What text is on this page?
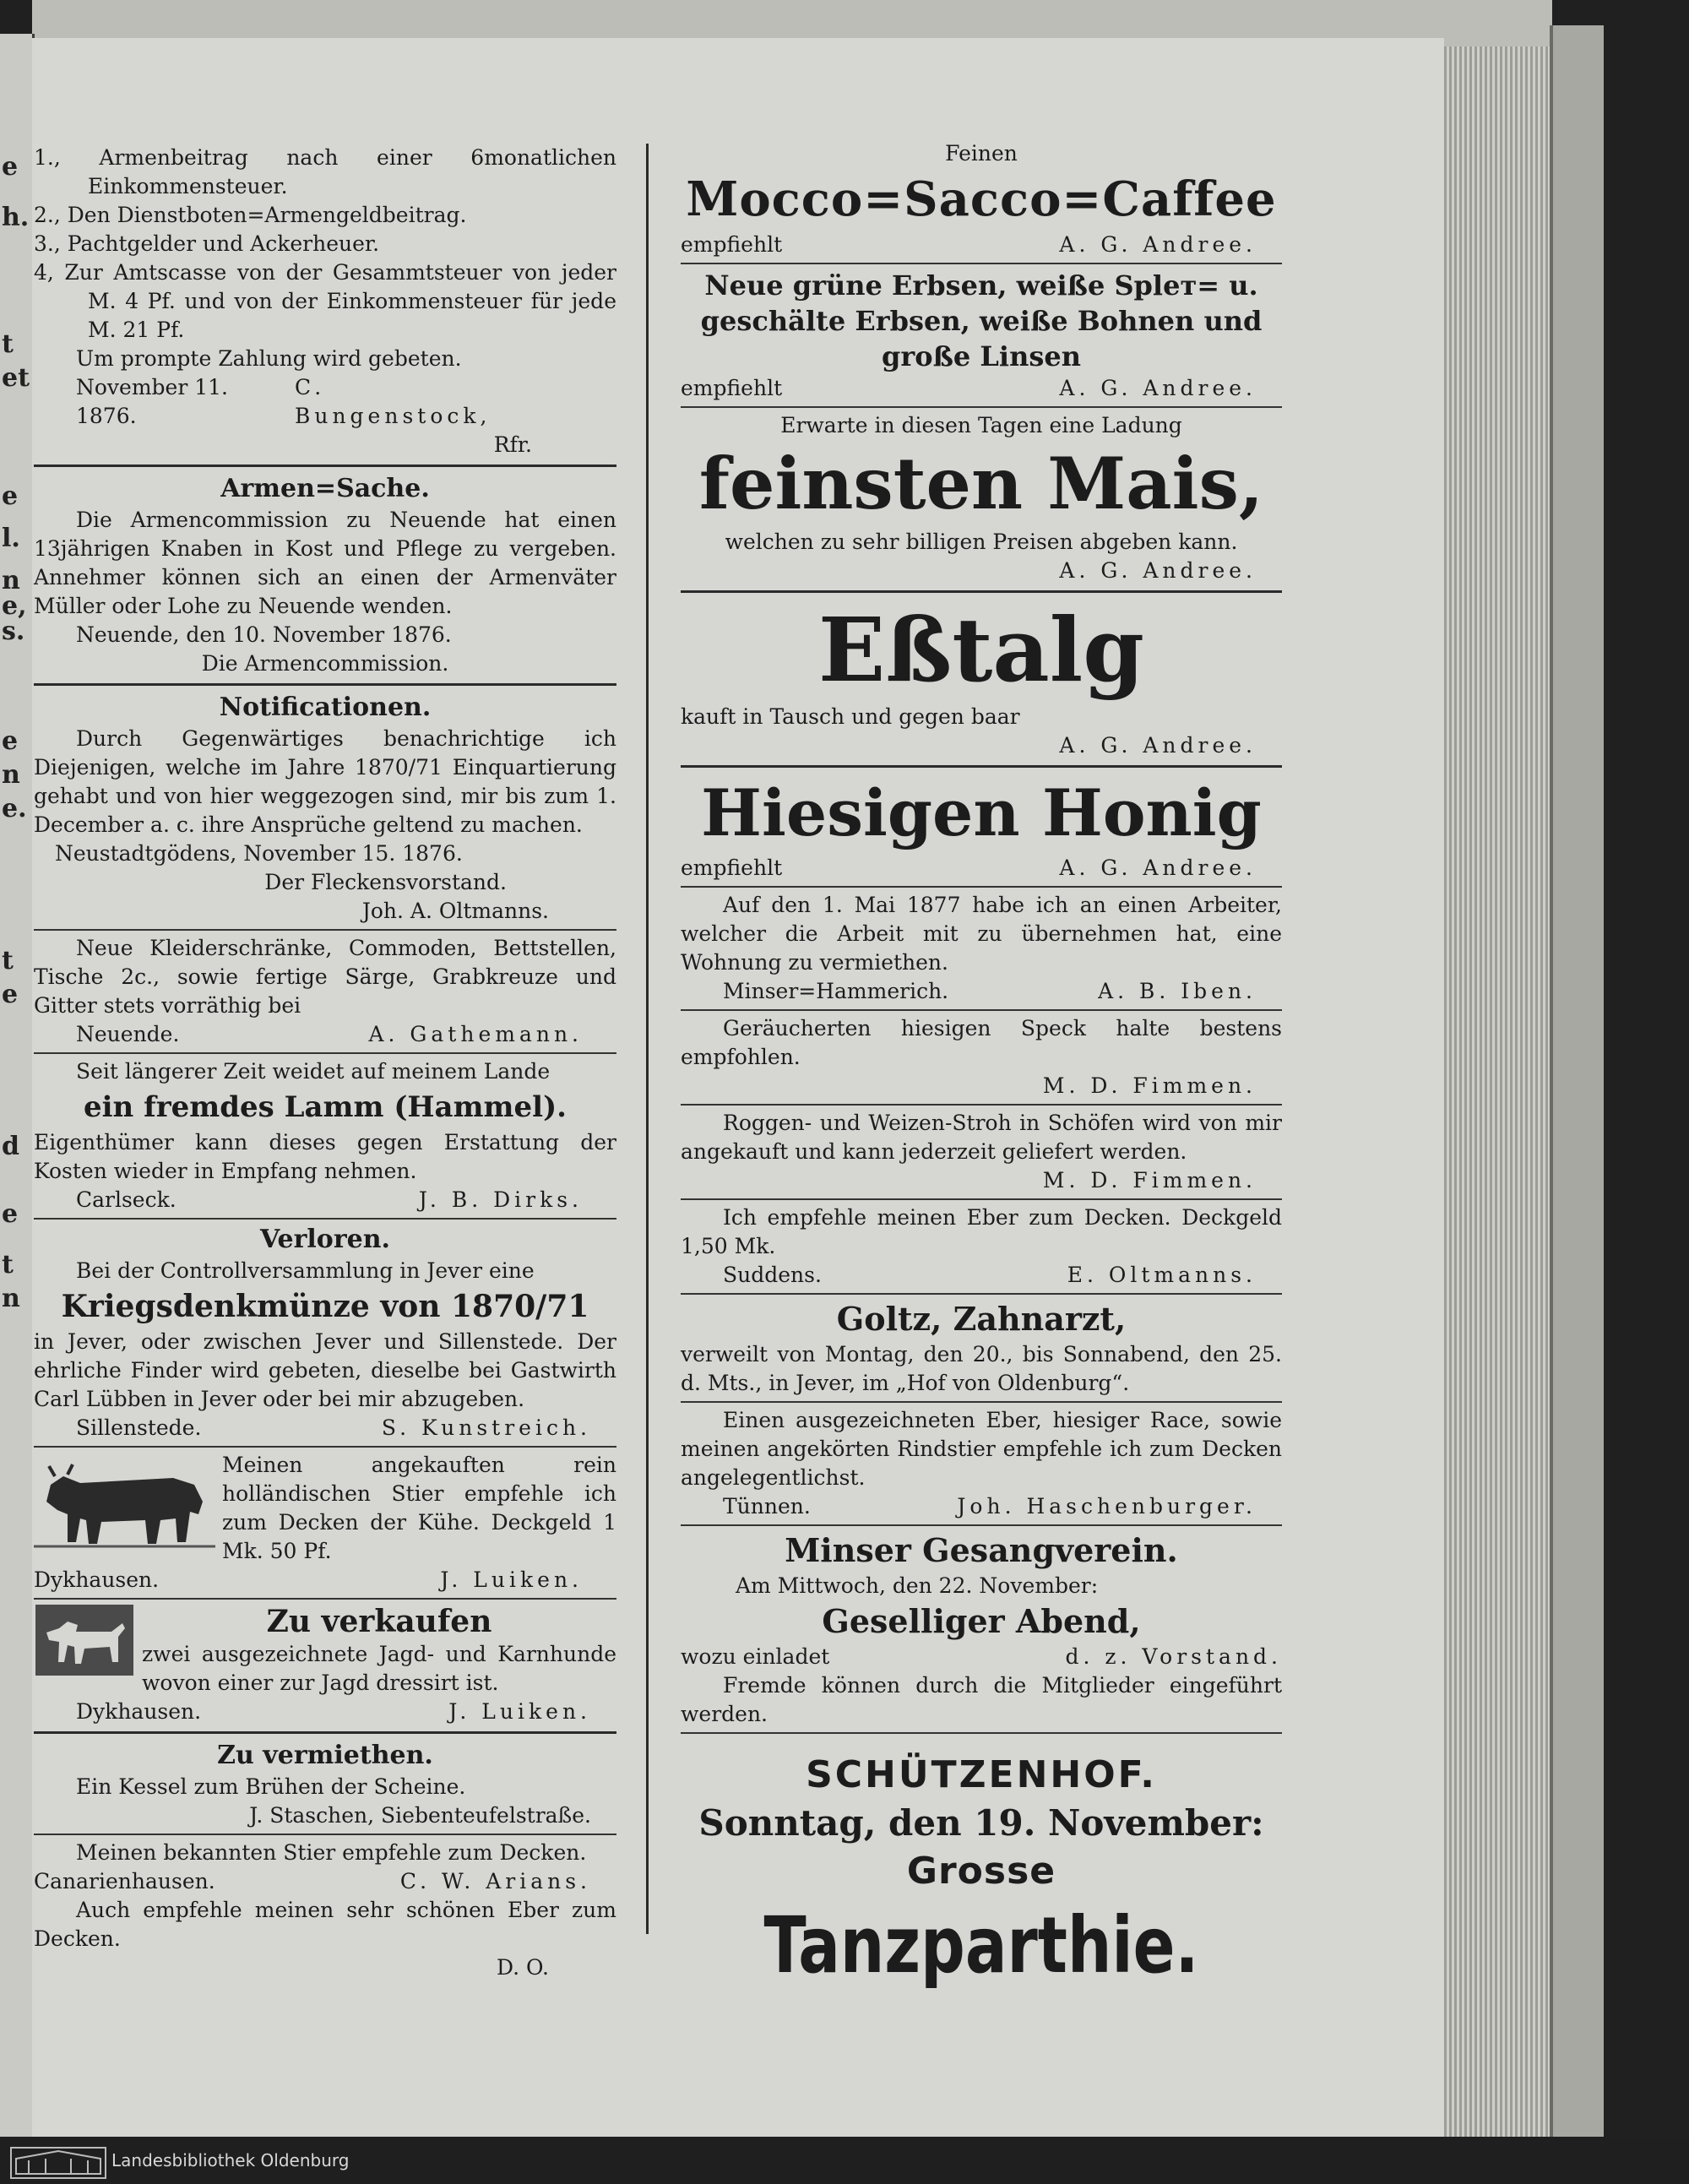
e
h.
t
et
e
l.
n
e,
s.
e
n
e.
t
e
d
e
t
n
1., Armenbeitrag nach einer 6monatlichen Einkommensteuer.
2., Den Dienstboten=Armengeldbeitrag.
3., Pachtgelder und Ackerheuer.
4, Zur Amtscasse von der Gesammtsteuer von jeder M. 4 Pf. und von der Einkommensteuer für jede M. 21 Pf.
Um prompte Zahlung wird gebeten.
November 11. 1876.
C. Bungenstock,
Rfr.
Armen=Sache.
Die Armencommission zu Neuende hat einen 13jährigen Knaben in Kost und Pflege zu vergeben. Annehmer können sich an einen der Armenväter Müller oder Lohe zu Neuende wenden.
Neuende, den 10. November 1876.
Die Armencommission.
Notificationen.
Durch Gegenwärtiges benachrichtige ich Diejenigen, welche im Jahre 1870/71 Einquartierung gehabt und von hier weggezogen sind, mir bis zum 1. December a. c. ihre Ansprüche geltend zu machen.
Neustadtgödens, November 15. 1876.
Der Fleckensvorstand.
Joh. A. Oltmanns.
Neue Kleiderschränke, Commoden, Bettstellen, Tische 2c., sowie fertige Särge, Grabkreuze und Gitter stets vorräthig bei
Neuende.	A. Gathemann.
Seit längerer Zeit weidet auf meinem Lande
ein fremdes Lamm (Hammel).
Eigenthümer kann dieses gegen Erstattung der Kosten wieder in Empfang nehmen.
Carlseck.	J. B. Dirks.
Verloren.
Bei der Controllversammlung in Jever eine
Kriegsdenkmünze von 1870/71
in Jever, oder zwischen Jever und Sillenstede. Der ehrliche Finder wird gebeten, dieselbe bei Gastwirth Carl Lübben in Jever oder bei mir abzugeben.
Sillenstede.	S. Kunstreich.
Meinen angekauften rein holländischen Stier empfehle ich zum Decken der Kühe. Deckgeld 1 Mk. 50 Pf.
Dykhausen.	J. Luiken.
Zu verkaufen
zwei ausgezeichnete Jagd- und Karnhunde wovon einer zur Jagd dressirt ist.
Dykhausen.	J. Luiken.
Zu vermiethen.
Ein Kessel zum Brühen der Scheine.
J. Staschen, Siebenteufelstraße.
Meinen bekannten Stier empfehle zum Decken.
Canarienhausen.	C. W. Arians.
Auch empfehle meinen sehr schönen Eber zum Decken.
D. O.
Feinen
Mocco=Sacco=Caffee
empfiehlt	A. G. Andree.
Neue grüne Erbsen, weiße Spleт= u. geschälte Erbsen, weiße Bohnen und große Linsen
empfiehlt	A. G. Andree.
Erwarte in diesen Tagen eine Ladung
feinsten Mais,
welchen zu sehr billigen Preisen abgeben kann.
A. G. Andree.
Eßtalg
kauft in Tausch und gegen baar
A. G. Andree.
Hiesigen Honig
empfiehlt	A. G. Andree.
Auf den 1. Mai 1877 habe ich an einen Arbeiter, welcher die Arbeit mit zu übernehmen hat, eine Wohnung zu vermiethen.
Minser=Hammerich.	A. B. Iben.
Geräucherten hiesigen Speck halte bestens empfohlen.
M. D. Fimmen.
Roggen- und Weizen-Stroh in Schöfen wird von mir angekauft und kann jederzeit geliefert werden.
M. D. Fimmen.
Ich empfehle meinen Eber zum Decken. Deckgeld 1,50 Mk.
Suddens.	E. Oltmanns.
Goltz, Zahnarzt,
verweilt von Montag, den 20., bis Sonnabend, den 25. d. Mts., in Jever, im „Hof von Oldenburg“.
Einen ausgezeichneten Eber, hiesiger Race, sowie meinen angekörten Rindstier empfehle ich zum Decken angelegentlichst.
Tünnen.	Joh. Haschenburger.
Minser Gesangverein.
Am Mittwoch, den 22. November:
Geselliger Abend,
wozu einladet	d. z. Vorstand.
Fremde können durch die Mitglieder eingeführt werden.
SCHÜTZENHOF.
Sonntag, den 19. November:
Grosse
Tanzparthie.
Landesbibliothek Oldenburg
